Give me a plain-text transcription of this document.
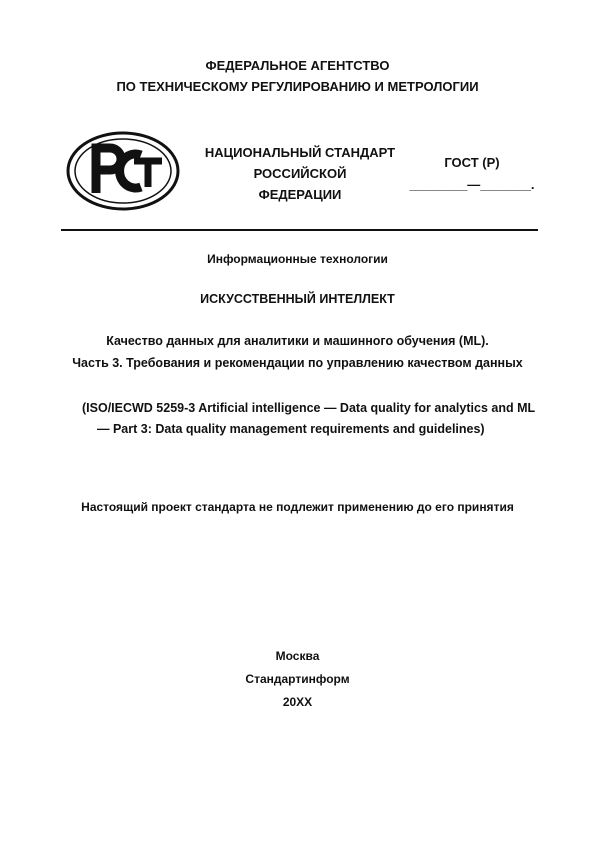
ФЕДЕРАЛЬНОЕ АГЕНТСТВО
ПО ТЕХНИЧЕСКОМУ РЕГУЛИРОВАНИЮ И МЕТРОЛОГИИ
РСТ
НАЦИОНАЛЬНЫЙ СТАНДАРТ
РОССИЙСКОЙ
ФЕДЕРАЦИИ
ГОСТ (Р)
________—_______.
Информационные технологии
ИСКУССТВЕННЫЙ ИНТЕЛЛЕКТ
Качество данных для аналитики и машинного обучения (ML).
Часть 3. Требования и рекомендации по управлению качеством данных
(ISO/IECWD 5259-3 Artificial intelligence — Data quality for analytics and ML
— Part 3: Data quality management requirements and guidelines)
Настоящий проект стандарта не подлежит применению до его принятия
Москва
Стандартинформ
20XX
